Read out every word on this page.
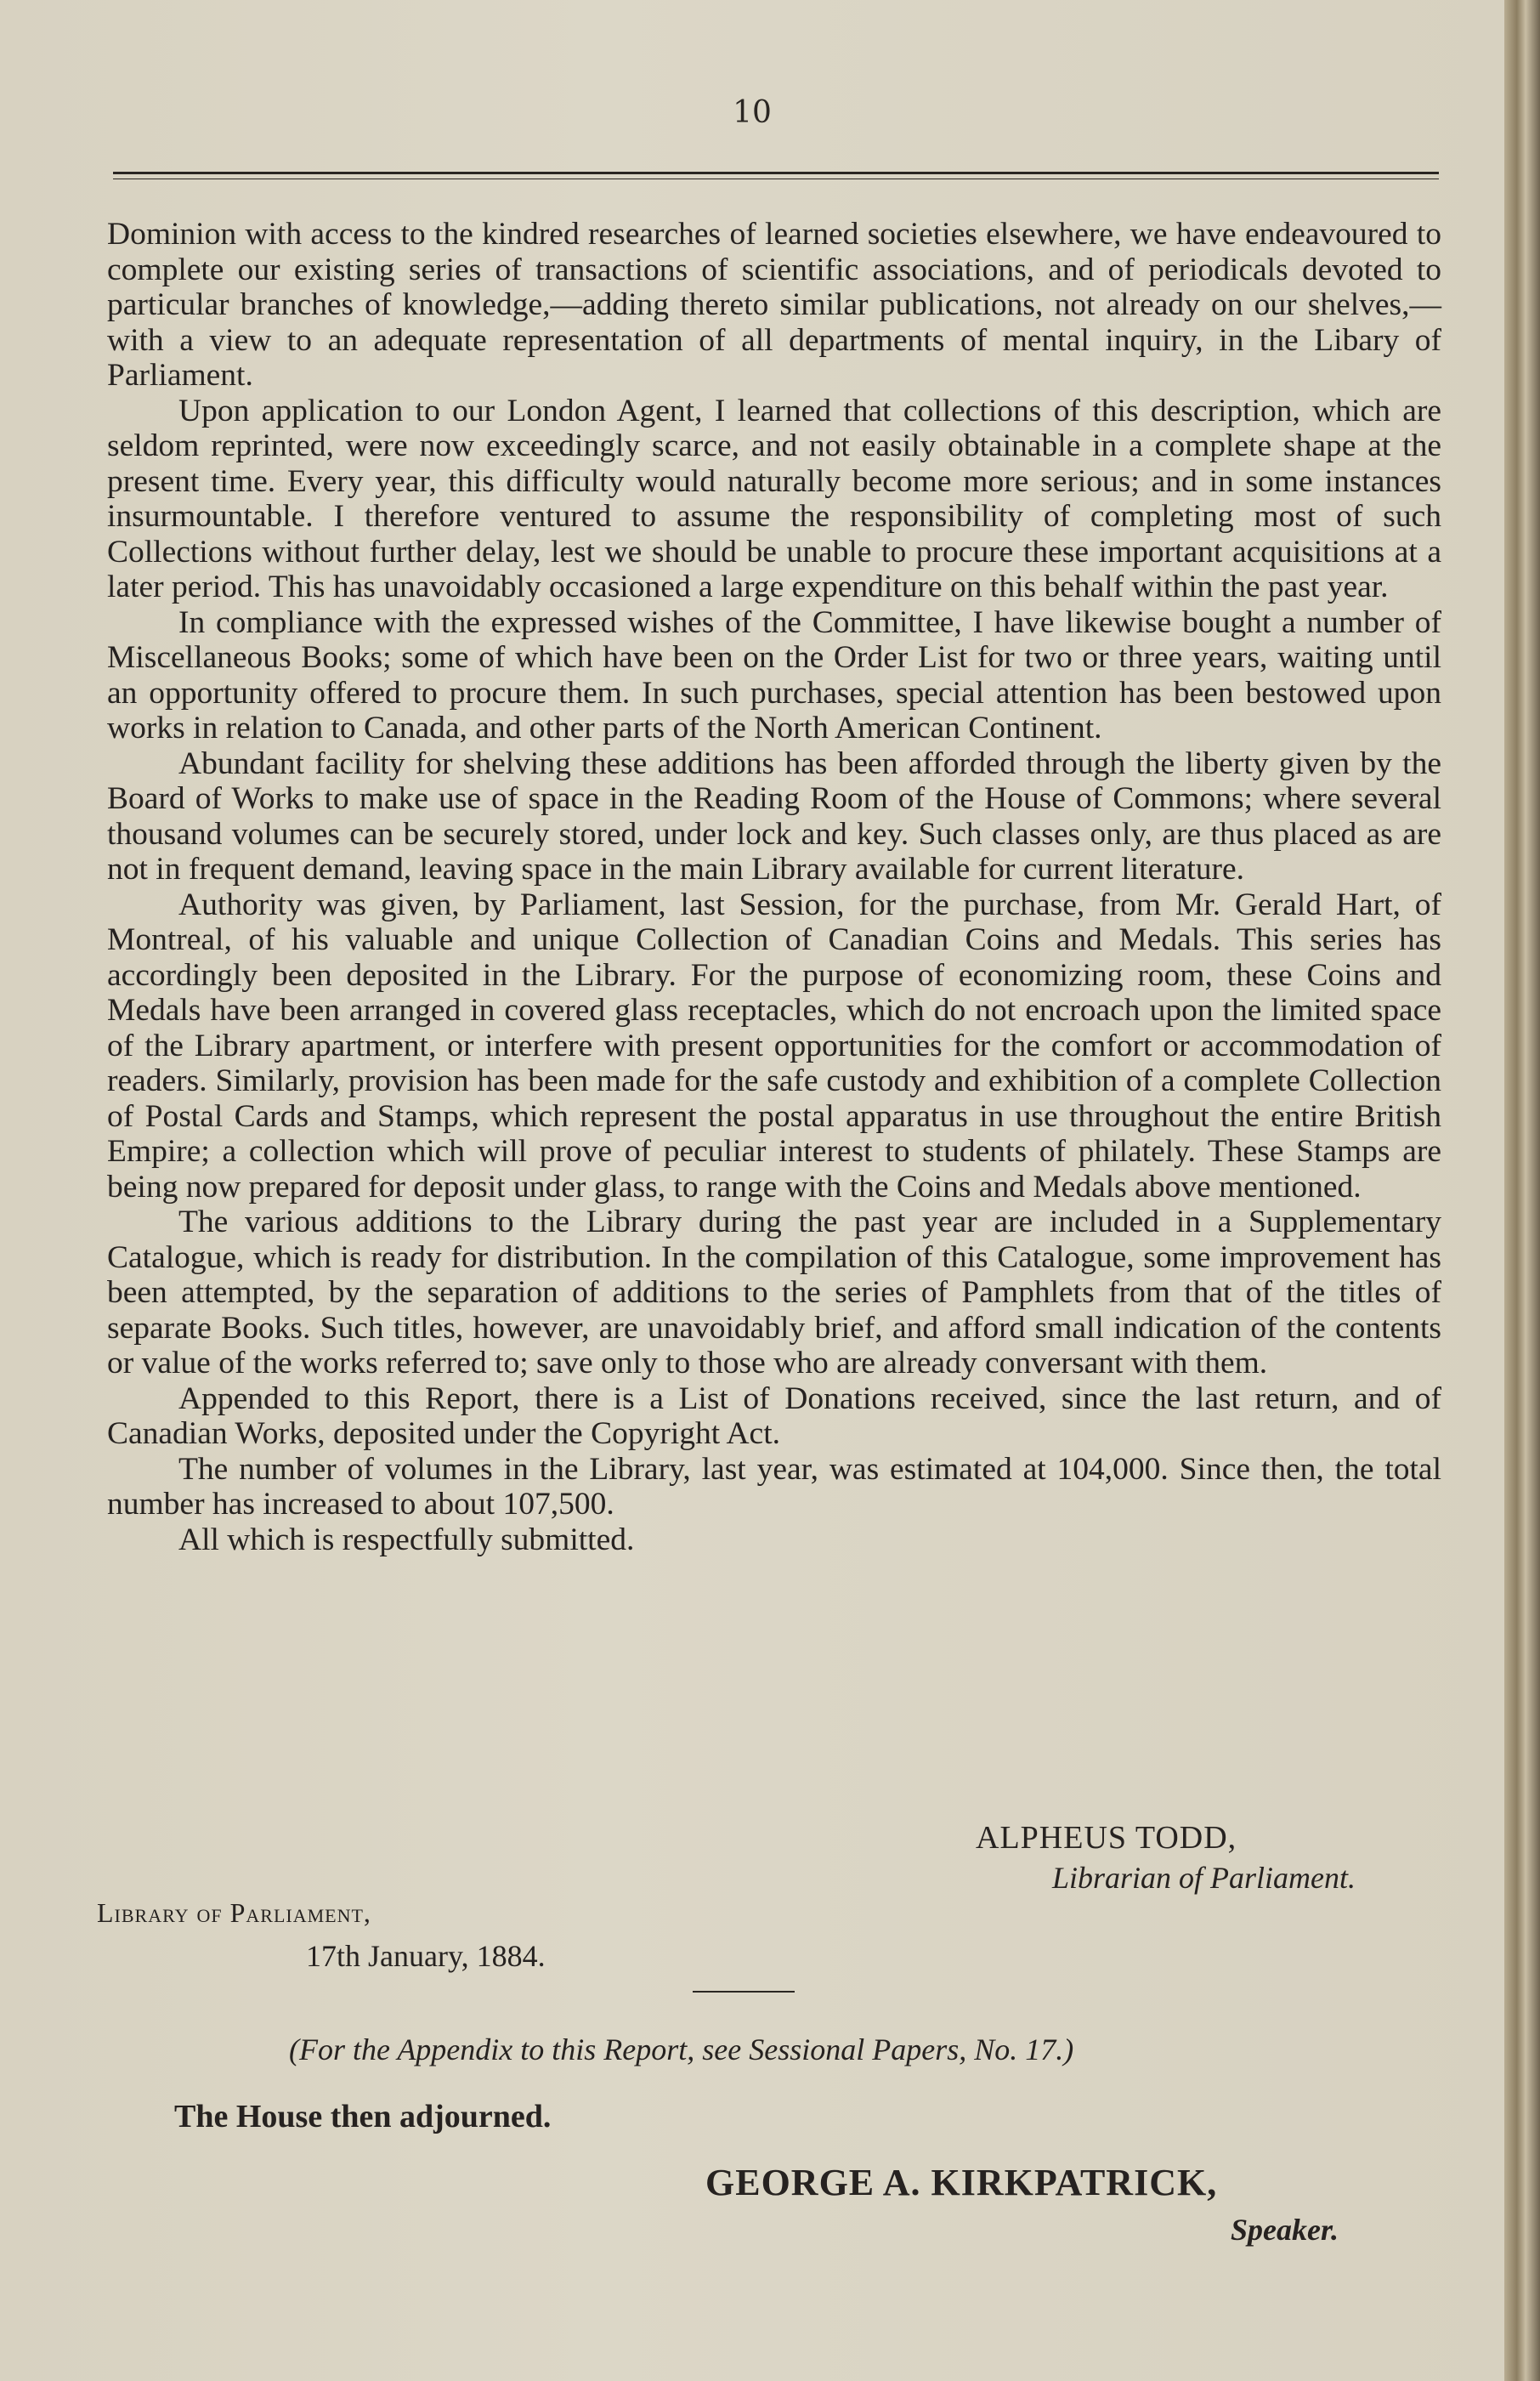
10

Dominion with access to the kindred researches of learned societies elsewhere, we have endeavoured to complete our existing series of transactions of scientific associations, and of periodicals devoted to particular branches of knowledge,—adding thereto similar publications, not already on our shelves,—with a view to an adequate representation of all departments of mental inquiry, in the Libary of Parliament.

Upon application to our London Agent, I learned that collections of this description, which are seldom reprinted, were now exceedingly scarce, and not easily obtainable in a complete shape at the present time. Every year, this difficulty would naturally become more serious; and in some instances insurmountable. I therefore ventured to assume the responsibility of completing most of such Collections without further delay, lest we should be unable to procure these important acquisitions at a later period. This has unavoidably occasioned a large expenditure on this behalf within the past year.

In compliance with the expressed wishes of the Committee, I have likewise bought a number of Miscellaneous Books; some of which have been on the Order List for two or three years, waiting until an opportunity offered to procure them. In such purchases, special attention has been bestowed upon works in relation to Canada, and other parts of the North American Continent.

Abundant facility for shelving these additions has been afforded through the liberty given by the Board of Works to make use of space in the Reading Room of the House of Commons; where several thousand volumes can be securely stored, under lock and key. Such classes only, are thus placed as are not in frequent demand, leaving space in the main Library available for current literature.

Authority was given, by Parliament, last Session, for the purchase, from Mr. Gerald Hart, of Montreal, of his valuable and unique Collection of Canadian Coins and Medals. This series has accordingly been deposited in the Library. For the purpose of economizing room, these Coins and Medals have been arranged in covered glass receptacles, which do not encroach upon the limited space of the Library apartment, or interfere with present opportunities for the comfort or accommodation of readers. Similarly, provision has been made for the safe custody and exhibition of a complete Collection of Postal Cards and Stamps, which represent the postal apparatus in use throughout the entire British Empire; a collection which will prove of peculiar interest to students of philately. These Stamps are being now prepared for deposit under glass, to range with the Coins and Medals above mentioned.

The various additions to the Library during the past year are included in a Supplementary Catalogue, which is ready for distribution. In the compilation of this Catalogue, some improvement has been attempted, by the separation of additions to the series of Pamphlets from that of the titles of separate Books. Such titles, however, are unavoidably brief, and afford small indication of the contents or value of the works referred to; save only to those who are already conversant with them.

Appended to this Report, there is a List of Donations received, since the last return, and of Canadian Works, deposited under the Copyright Act.

The number of volumes in the Library, last year, was estimated at 104,000. Since then, the total number has increased to about 107,500.

All which is respectfully submitted.

ALPHEUS TODD,
Librarian of Parliament.
Library of Parliament,
17th January, 1884.
(For the Appendix to this Report, see Sessional Papers, No. 17.)
The House then adjourned.
GEORGE A. KIRKPATRICK,
Speaker.
